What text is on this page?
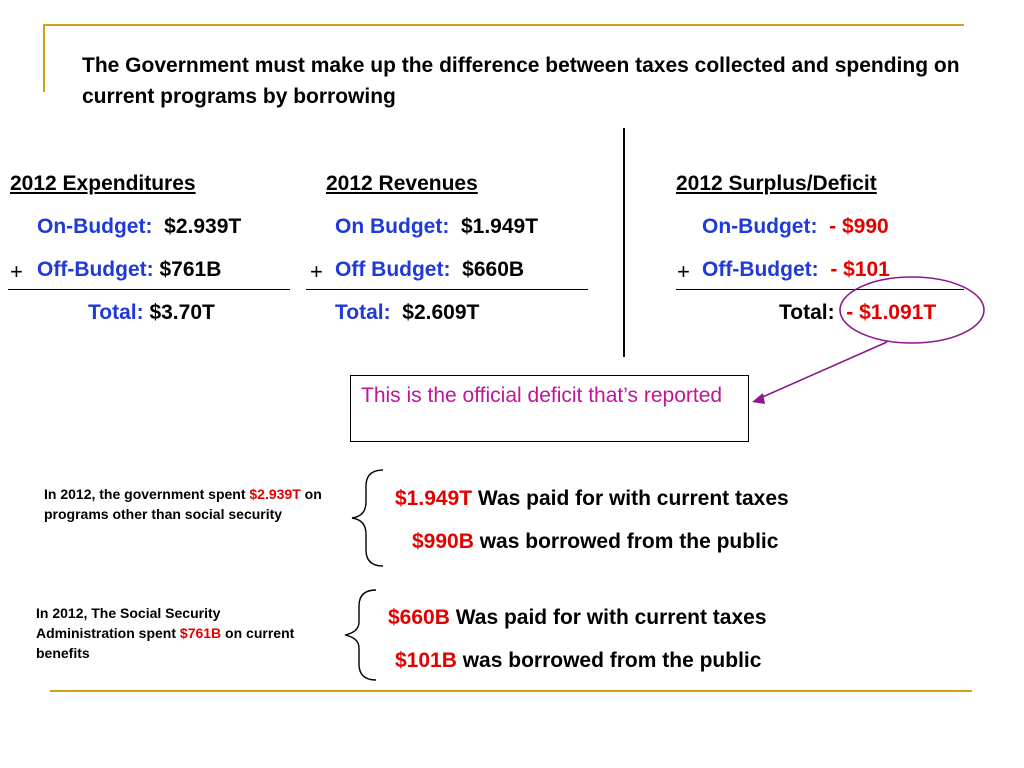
The Government must make up the difference between taxes collected and spending on current programs by borrowing
2012 Expenditures
On-Budget: $2.939T
+ Off-Budget: $761B
Total: $3.70T
2012 Revenues
On Budget: $1.949T
+ Off Budget: $660B
Total: $2.609T
2012 Surplus/Deficit
On-Budget: - $990
+ Off-Budget: - $101
Total: - $1.091T
This is the official deficit that’s reported
In 2012, the government spent $2.939T on programs other than social security
$1.949T Was paid for with current taxes
$990B was borrowed from the public
In 2012, The Social Security Administration spent $761B on current benefits
$660B Was paid for with current taxes
$101B was borrowed from the public
